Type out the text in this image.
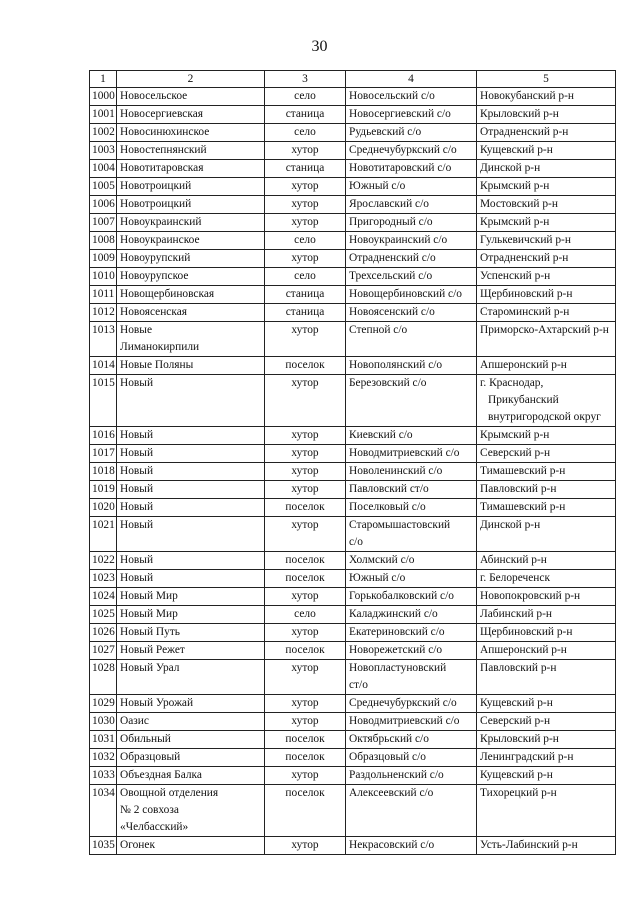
30
1	2	3	4	5

1000	Новосельское	село	Новосельский с/о	Новокубанский р-н

1001	Новосергиевская	станица	Новосергиевский с/о	Крыловский р-н

1002	Новосинюхинское	село	Рудьевский с/о	Отрадненский р-н

1003	Новостепнянский	хутор	Среднечубуркский с/о	Кущевский р-н

1004	Новотитаровская	станица	Новотитаровский с/о	Динской р-н

1005	Новотроицкий	хутор	Южный с/о	Крымский р-н

1006	Новотроицкий	хутор	Ярославский с/о	Мостовский р-н

1007	Новоукраинский	хутор	Пригородный с/о	Крымский р-н

1008	Новоукраинское	село	Новоукраинский с/о	Гулькевичский р-н

1009	Новоурупский	хутор	Отрадненский с/о	Отрадненский р-н

1010	Новоурупское	село	Трехсельский с/о	Успенский р-н

1011	Новощербиновская	станица	Новощербиновский с/о	Щербиновский р-н

1012	Новоясенская	станица	Новоясенский с/о	Староминский р-н

1013	Новые
Лиманокирпили	хутор	Степной с/о	Приморско-Ахтарский р-н

1014	Новые Поляны	поселок	Новополянский с/о	Апшеронский р-н

1015	Новый	хутор	Березовский с/о	г. Краснодар,
Прикубанский
внутригородской округ

1016	Новый	хутор	Киевский с/о	Крымский р-н

1017	Новый	хутор	Новодмитриевский с/о	Северский р-н

1018	Новый	хутор	Новоленинский с/о	Тимашевский р-н

1019	Новый	хутор	Павловский ст/о	Павловский р-н

1020	Новый	поселок	Поселковый с/о	Тимашевский р-н

1021	Новый	хутор	Старомышастовский
с/о	Динской р-н

1022	Новый	поселок	Холмский с/о	Абинский р-н

1023	Новый	поселок	Южный с/о	г. Белореченск

1024	Новый Мир	хутор	Горькобалковский с/о	Новопокровский р-н

1025	Новый Мир	село	Каладжинский с/о	Лабинский р-н

1026	Новый Путь	хутор	Екатериновский с/о	Щербиновский р-н

1027	Новый Режет	поселок	Новорежетский с/о	Апшеронский р-н

1028	Новый Урал	хутор	Новопластуновский
ст/о	Павловский р-н

1029	Новый Урожай	хутор	Среднечубуркский с/о	Кущевский р-н

1030	Оазис	хутор	Новодмитриевский с/о	Северский р-н

1031	Обильный	поселок	Октябрьский с/о	Крыловский р-н

1032	Образцовый	поселок	Образцовый с/о	Ленинградский р-н

1033	Объездная Балка	хутор	Раздольненский с/о	Кущевский р-н

1034	Овощной отделения
№ 2 совхоза
«Челбасский»	поселок	Алексеевский с/о	Тихорецкий р-н

1035	Огонек	хутор	Некрасовский с/о	Усть-Лабинский р-н
